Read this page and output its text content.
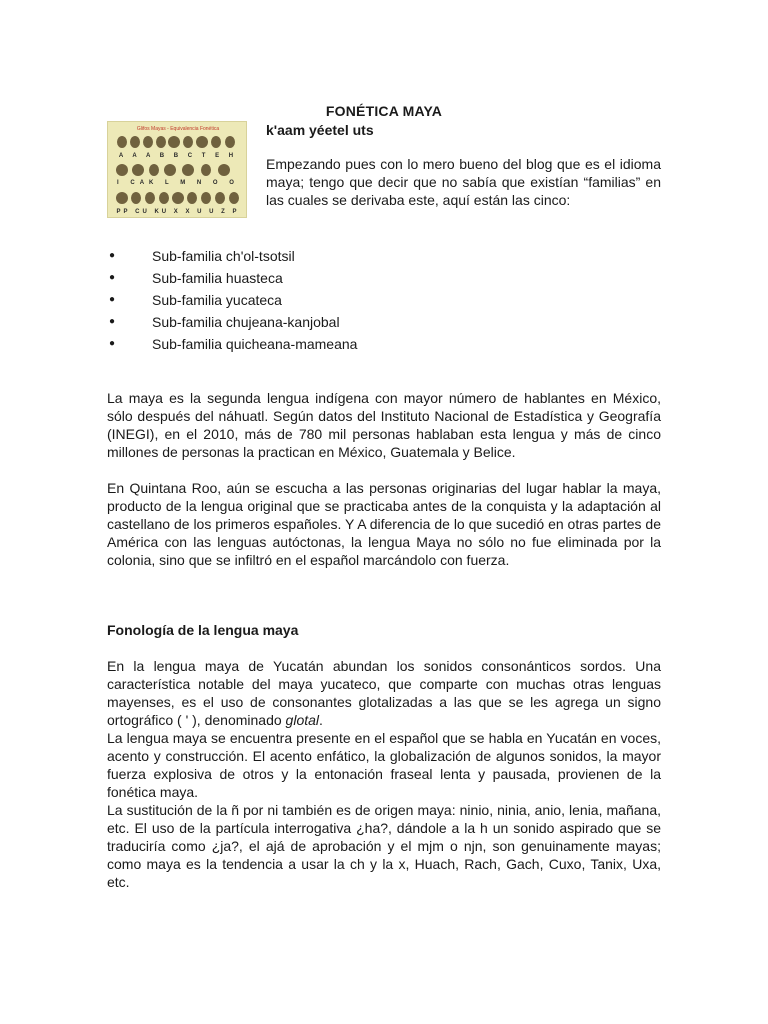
FONÉTICA MAYA
Glifos Mayas - Equivalencia Fonética
A A A B B C T E H
I CAK L M N O O
PP CU KU X X U U Z P
k'aam yéetel uts
Empezando pues con lo mero bueno del blog que es el idioma maya; tengo que decir que no sabía que existían “familias” en las cuales se derivaba este, aquí están las cinco:
●	Sub-familia ch'ol-tsotsil
●	Sub-familia huasteca
●	Sub-familia yucateca
●	Sub-familia chujeana-kanjobal
●	Sub-familia quicheana-mameana
La maya es la segunda lengua indígena con mayor número de hablantes en México, sólo después del náhuatl. Según datos del Instituto Nacional de Estadística y Geografía (INEGI), en el 2010, más de 780 mil personas hablaban esta lengua y más de cinco millones de personas la practican en México, Guatemala y Belice.
En Quintana Roo, aún se escucha a las personas originarias del lugar hablar la maya, producto de la lengua original que se practicaba antes de la conquista y la adaptación al castellano de los primeros españoles. Y A diferencia de lo que sucedió en otras partes de América con las lenguas autóctonas, la lengua Maya no sólo no fue eliminada por la colonia, sino que se infiltró en el español marcándolo con fuerza.
Fonología de la lengua maya
En la lengua maya de Yucatán abundan los sonidos consonánticos sordos. Una característica notable del maya yucateco, que comparte con muchas otras lenguas mayenses, es el uso de consonantes glotalizadas a las que se les agrega un signo ortográfico ( ' ), denominado glotal.
La lengua maya se encuentra presente en el español que se habla en Yucatán en voces, acento y construcción. El acento enfático, la globalización de algunos sonidos, la mayor fuerza explosiva de otros y la entonación fraseal lenta y pausada, provienen de la fonética maya.
La sustitución de la ñ por ni también es de origen maya: ninio, ninia, anio, lenia, mañana, etc. El uso de la partícula interrogativa ¿ha?, dándole a la h un sonido aspirado que se traduciría como ¿ja?, el ajá de aprobación y el mjm o njn, son genuinamente mayas; como maya es la tendencia a usar la ch y la x, Huach, Rach, Gach, Cuxo, Tanix, Uxa, etc.
